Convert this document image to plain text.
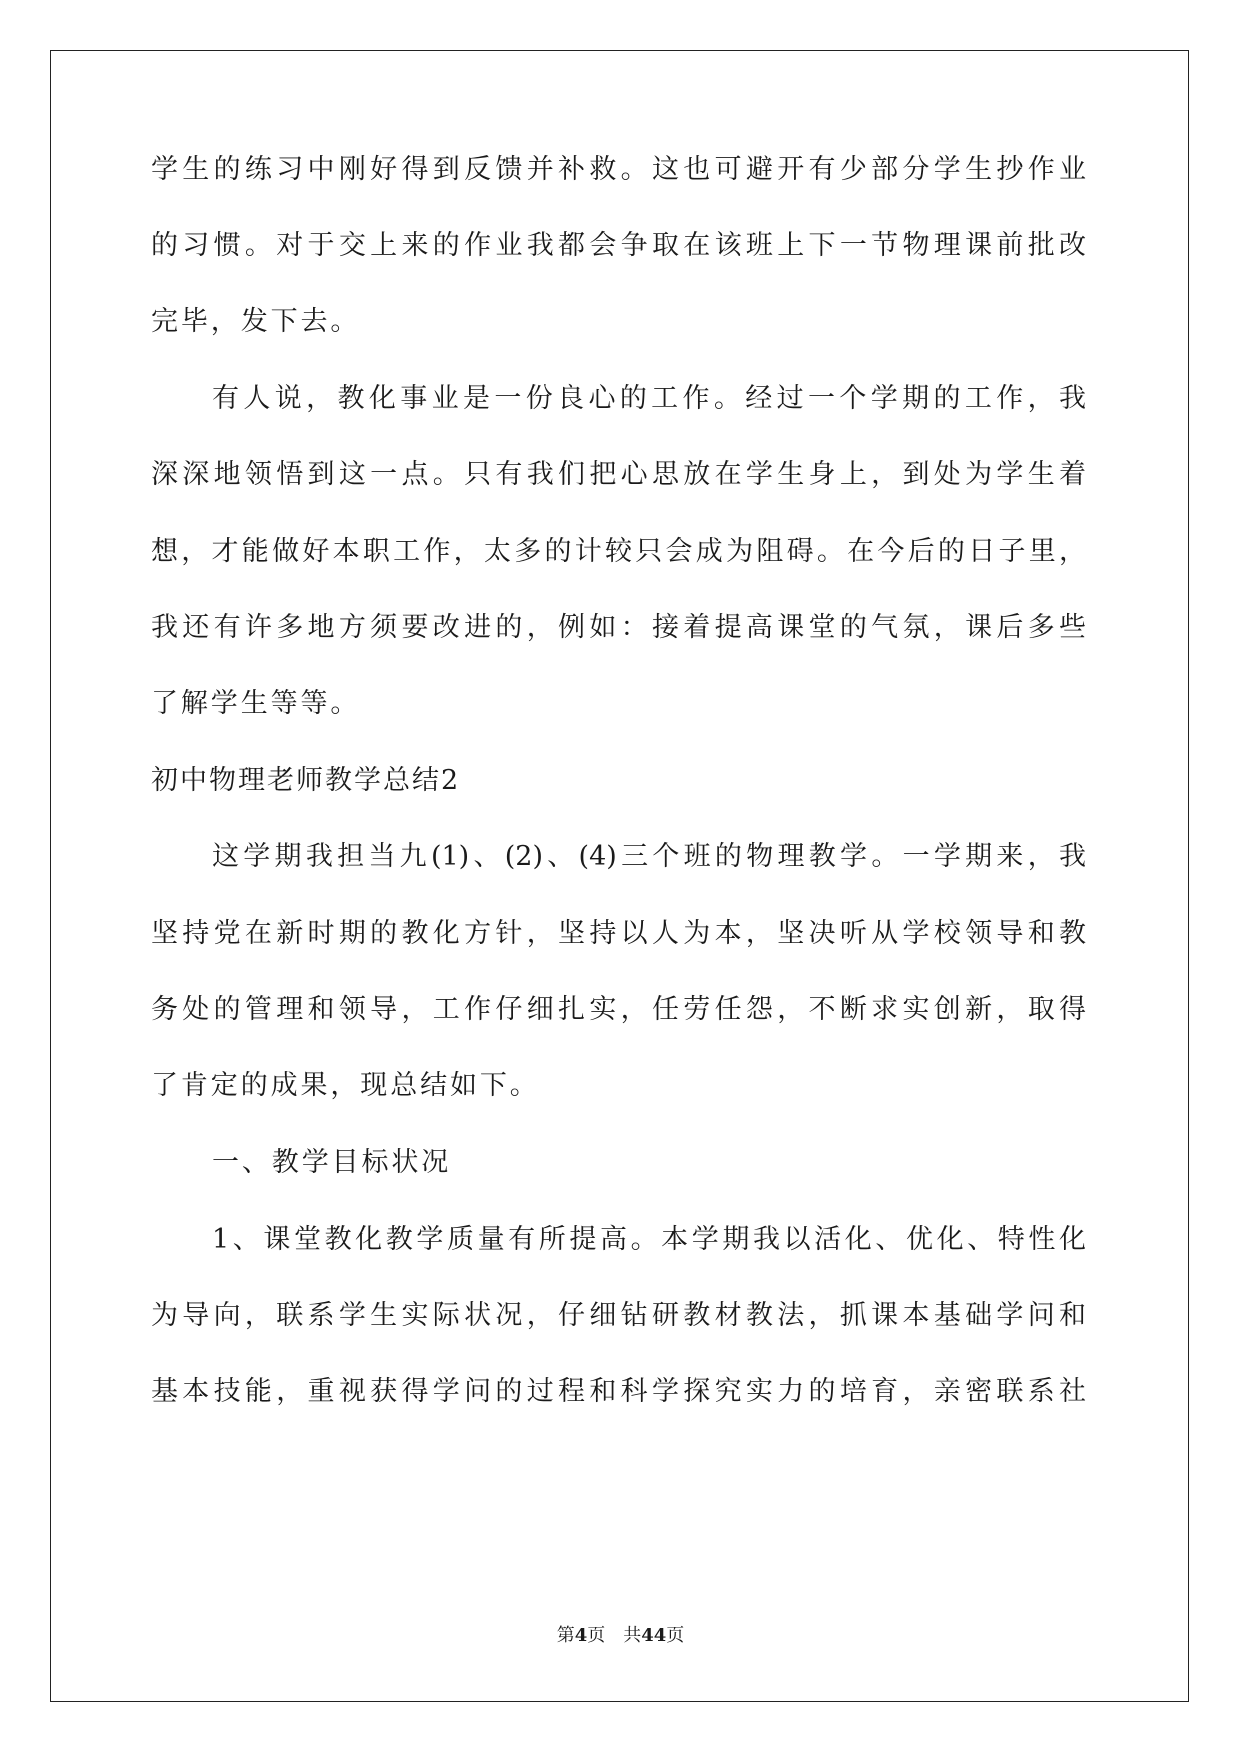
学生的练习中刚好得到反馈并补救。这也可避开有少部分学生抄作业
的习惯。对于交上来的作业我都会争取在该班上下一节物理课前批改
完毕，发下去。
有人说，教化事业是一份良心的工作。经过一个学期的工作，我
深深地领悟到这一点。只有我们把心思放在学生身上，到处为学生着
想，才能做好本职工作，太多的计较只会成为阻碍。在今后的日子里，
我还有许多地方须要改进的，例如：接着提高课堂的气氛，课后多些
了解学生等等。
初中物理老师教学总结2
这学期我担当九(1)、(2)、(4)三个班的物理教学。一学期来，我
坚持党在新时期的教化方针，坚持以人为本，坚决听从学校领导和教
务处的管理和领导，工作仔细扎实，任劳任怨，不断求实创新，取得
了肯定的成果，现总结如下。
一、教学目标状况
1、课堂教化教学质量有所提高。本学期我以活化、优化、特性化
为导向，联系学生实际状况，仔细钻研教材教法，抓课本基础学问和
基本技能，重视获得学问的过程和科学探究实力的培育，亲密联系社
第4页 共44页
